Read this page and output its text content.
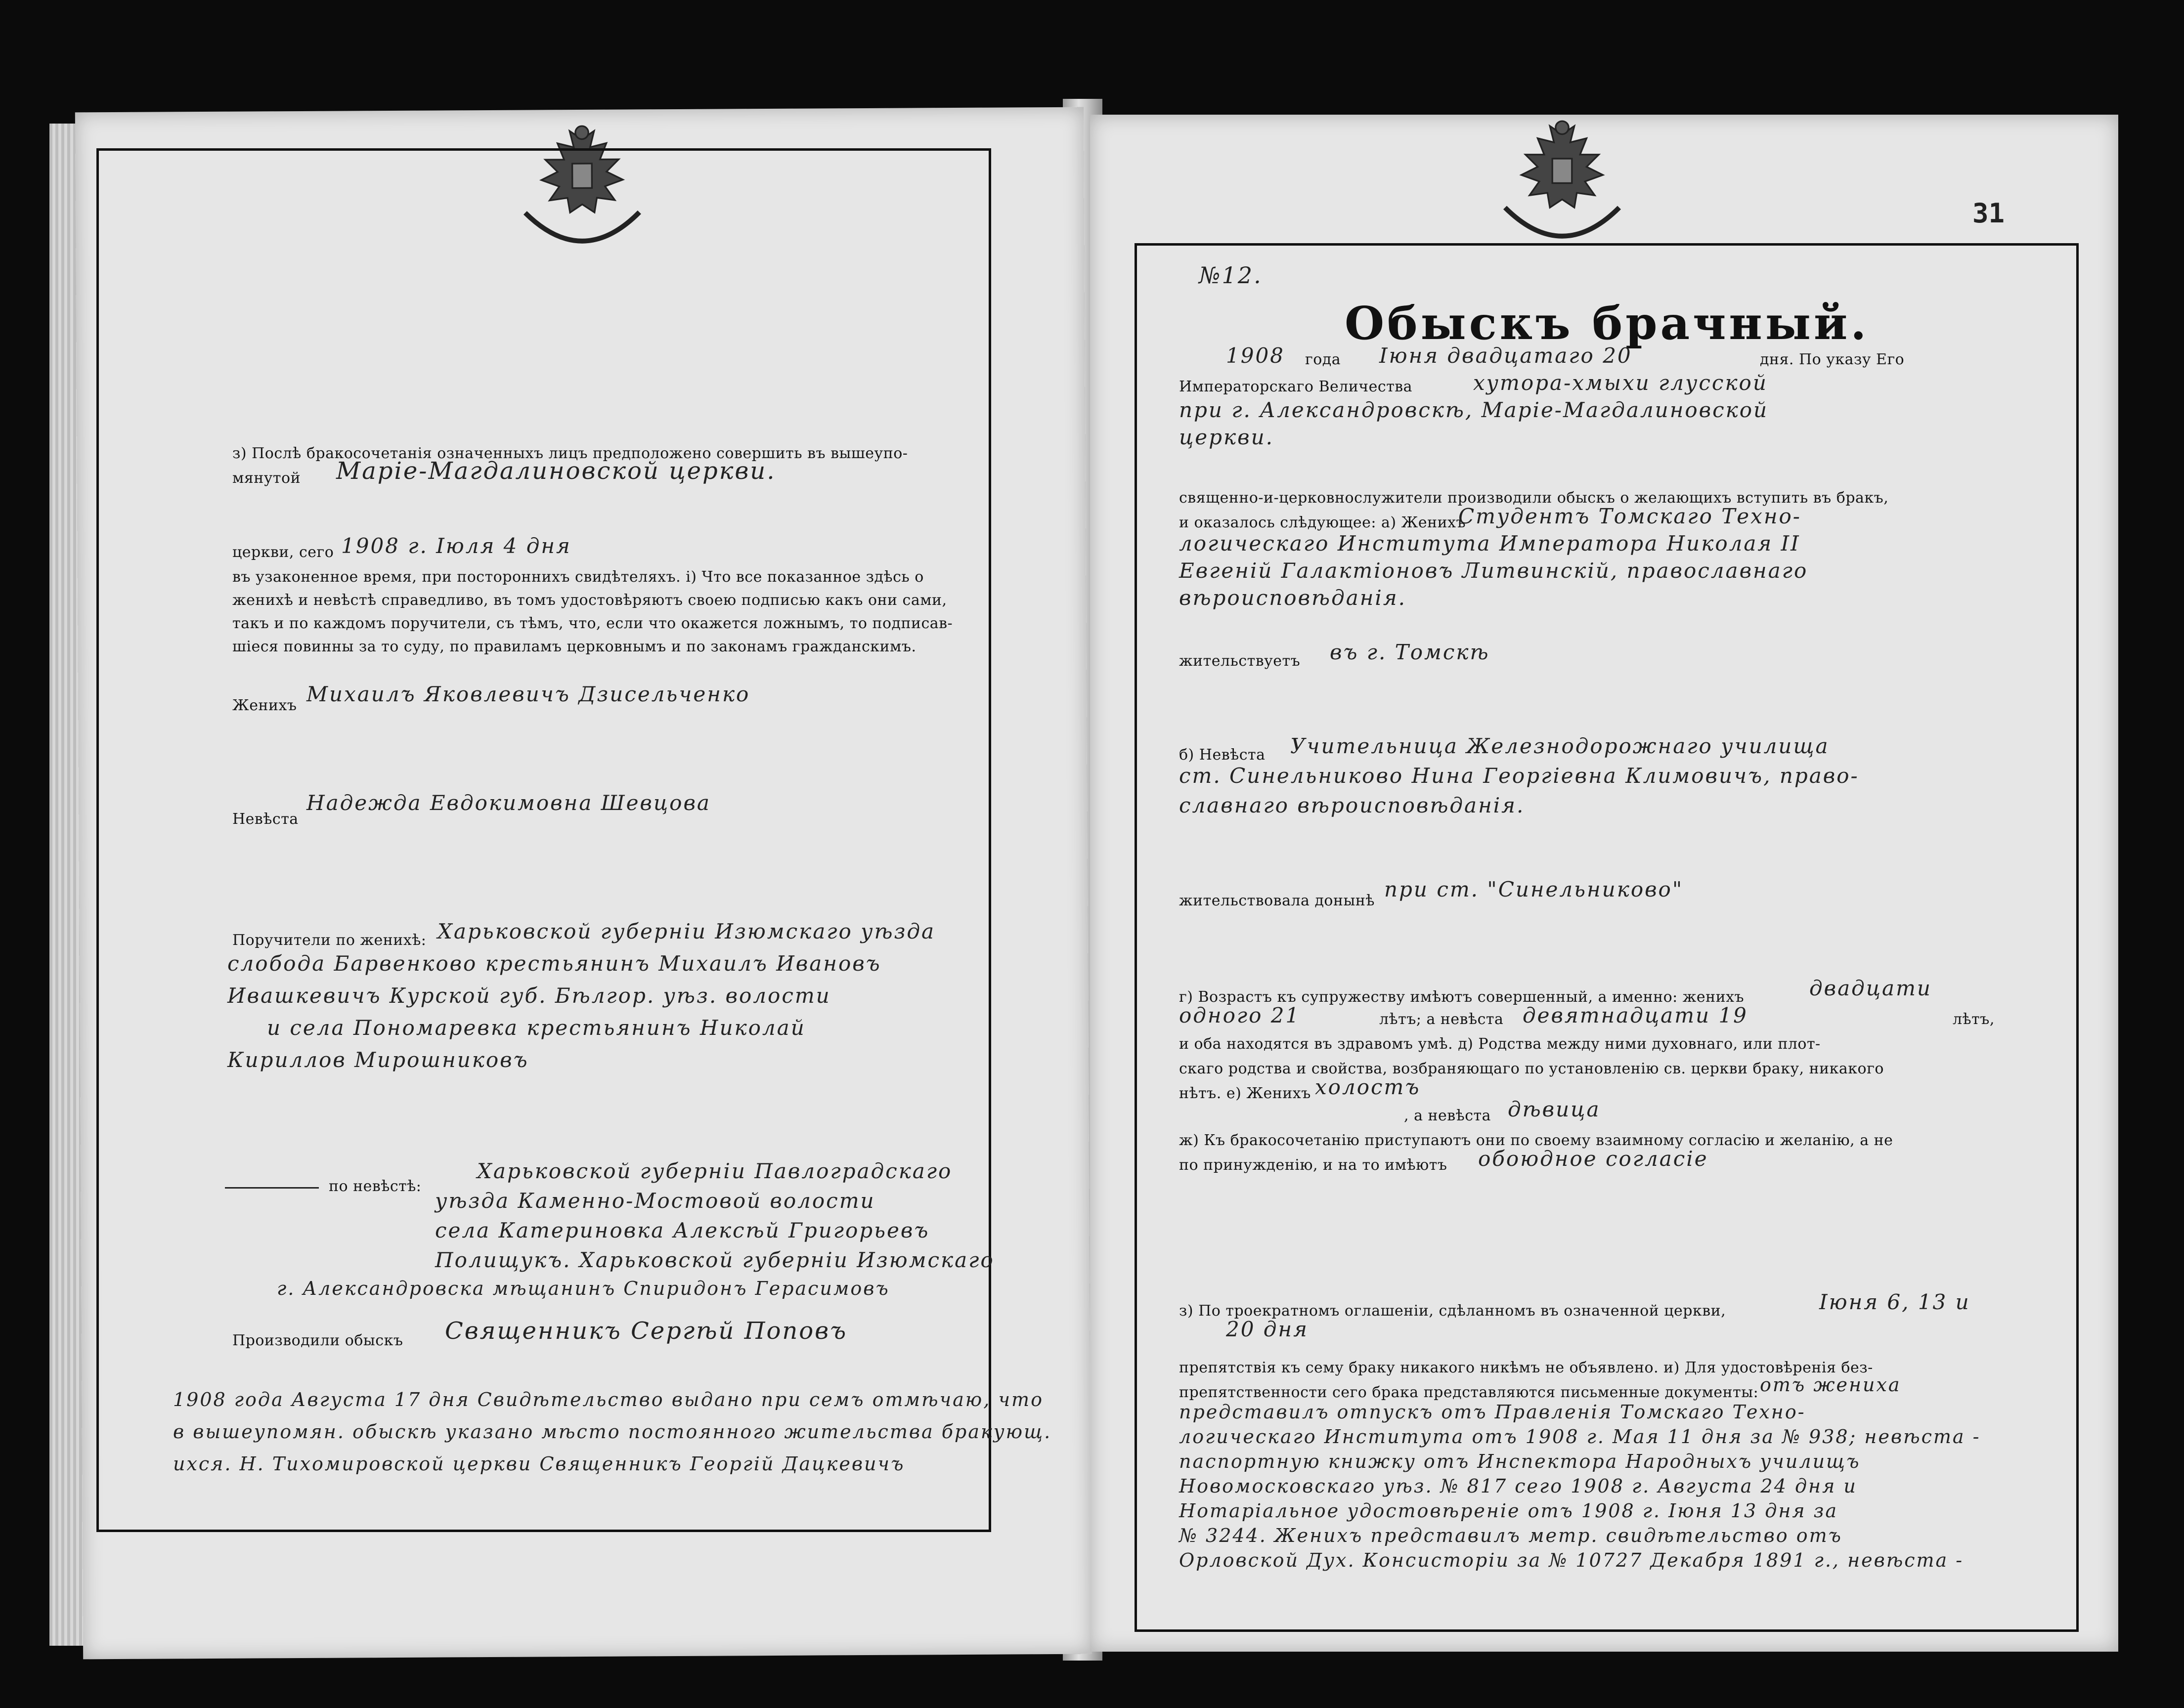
з) Послѣ бракосочетанія означенныхъ лицъ предположено совершить въ вышеупо-
мянутой Маріе-Магдалиновской церкви.
церкви, сего 1908 г. Іюля 4 дня
въ узаконенное время, при постороннихъ свидѣтеляхъ. і) Что все показанное здѣсь о
женихѣ и невѣстѣ справедливо, въ томъ удостовѣряютъ своею подписью какъ они сами,
такъ и по каждомъ поручители, съ тѣмъ, что, если что окажется ложнымъ, то подписав-
шіеся повинны за то суду, по правиламъ церковнымъ и по законамъ гражданскимъ.
Женихъ Михаилъ Яковлевичъ Дзисельченко
Невѣста
Надежда Евдокимовна Шевцова
Поручители по женихѣ: Харьковской губерніи Изюмскаго уѣзда
слобода Барвенково крестьянинъ Михаилъ Ивановъ
Ивашкевичъ Курской губ. Бѣлгор. уѣз. волости
и села Пономаревка крестьянинъ Николай
Кириллов Мирошниковъ
по невѣстѣ:
Харьковской губерніи Павлоградскаго
уѣзда Каменно-Мостовой волости
села Катериновка Алексѣй Григорьевъ
Полищукъ. Харьковской губерніи Изюмскаго
г. Александровска мѣщанинъ Спиридонъ Герасимовъ
Производили обыскъ Священникъ Сергѣй Поповъ
1908 года Августа 17 дня Свидѣтельство выдано при семъ отмѣчаю, что
в вышеупомян. обыскѣ указано мѣсто постоянного жительства бракующ.
ихся. Н. Тихомировской церкви Священникъ Георгій Дацкевичъ
31
№12.
Обыскъ брачный.
1908 года Іюня двадцатаго 20	дня. По указу Его
Императорскаго Величества	хутора-хмыхи глусской
при г. Александровскѣ, Маріе-Магдалиновской
церкви.
священно-и-церковнослужители производили обыскъ о желающихъ вступить въ бракъ,
и оказалось слѣдующее: а) Женихъ
Студентъ Томскаго Техно-
логическаго Института Императора Николая II
Евгеній Галактіоновъ Литвинскій, православнаго
вѣроисповѣданія.
жительствуетъ въ г. Томскѣ
б) Невѣста Учительница Железнодорожнаго училища
ст. Синельниково Нина Георгіевна Климовичъ, право-
славнаго вѣроисповѣданія.
жительствовала донынѣ при ст. "Синельниково"
г) Возрастъ къ супружеству имѣютъ совершенный, а именно: женихъ	двадцати
одного 21	лѣтъ; а невѣста девятнадцати 19	лѣтъ,
и оба находятся въ здравомъ умѣ. д) Родства между ними духовнаго, или плот-
скаго родства и свойства, возбраняющаго по установленію св. церкви браку, никакого
нѣтъ. е) Женихъ холостъ
, а невѣста дѣвица
ж) Къ бракосочетанію приступаютъ они по своему взаимному согласію и желанію, а не
по принужденію, и на то имѣютъ обоюдное согласіе
з) По троекратномъ оглашеніи, сдѣланномъ въ означенной церкви,	Іюня 6, 13 и
20 дня
препятствія къ сему браку никакого никѣмъ не объявлено. и) Для удостовѣренія без-
препятственности сего брака представляются письменные документы: отъ жениха
представилъ отпускъ отъ Правленія Томскаго Техно-
логическаго Института отъ 1908 г. Мая 11 дня за № 938; невѣста -
паспортную книжку отъ Инспектора Народныхъ училищъ
Новомосковскаго уѣз. № 817 сего 1908 г. Августа 24 дня и
Нотаріальное удостовѣреніе отъ 1908 г. Іюня 13 дня за
№ 3244. Женихъ представилъ метр. свидѣтельство отъ
Орловской Дух. Консисторіи за № 10727 Декабря 1891 г., невѣста -
